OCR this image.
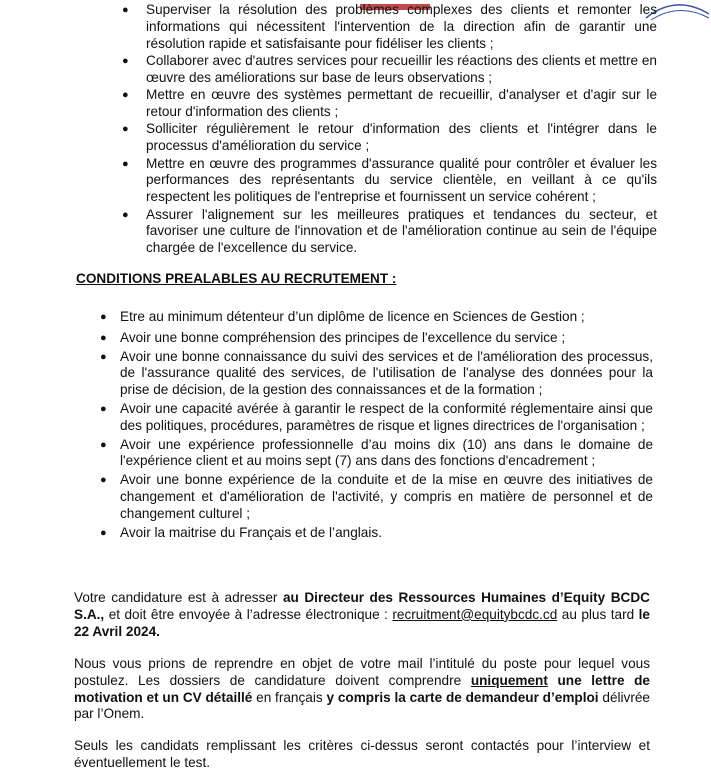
● Superviser la résolution des problèmes complexes des clients et remonter les informations qui nécessitent l'intervention de la direction afin de garantir une résolution rapide et satisfaisante pour fidéliser les clients ;
● Collaborer avec d'autres services pour recueillir les réactions des clients et mettre en œuvre des améliorations sur base de leurs observations ;
● Mettre en œuvre des systèmes permettant de recueillir, d'analyser et d'agir sur le retour d'information des clients ;
● Solliciter régulièrement le retour d'information des clients et l'intégrer dans le processus d'amélioration du service ;
● Mettre en œuvre des programmes d'assurance qualité pour contrôler et évaluer les performances des représentants du service clientèle, en veillant à ce qu'ils respectent les politiques de l'entreprise et fournissent un service cohérent ;
● Assurer l'alignement sur les meilleures pratiques et tendances du secteur, et favoriser une culture de l'innovation et de l'amélioration continue au sein de l'équipe chargée de l'excellence du service.
CONDITIONS PREALABLES AU RECRUTEMENT :
● Etre au minimum détenteur d’un diplôme de licence en Sciences de Gestion ;
● Avoir une bonne compréhension des principes de l'excellence du service ;
● Avoir une bonne connaissance du suivi des services et de l'amélioration des processus, de l'assurance qualité des services, de l'utilisation de l'analyse des données pour la prise de décision, de la gestion des connaissances et de la formation ;
● Avoir une capacité avérée à garantir le respect de la conformité réglementaire ainsi que des politiques, procédures, paramètres de risque et lignes directrices de l'organisation ;
● Avoir une expérience professionnelle d’au moins dix (10) ans dans le domaine de l'expérience client et au moins sept (7) ans dans des fonctions d'encadrement ;
● Avoir une bonne expérience de la conduite et de la mise en œuvre des initiatives de changement et d'amélioration de l'activité, y compris en matière de personnel et de changement culturel ;
● Avoir la maitrise du Français et de l’anglais.

Votre candidature est à adresser au Directeur des Ressources Humaines d’Equity BCDC S.A., et doit être envoyée à l’adresse électronique : recruitment@equitybcdc.cd au plus tard le 22 Avril 2024.

Nous vous prions de reprendre en objet de votre mail l’intitulé du poste pour lequel vous postulez. Les dossiers de candidature doivent comprendre uniquement une lettre de motivation et un CV détaillé en français y compris la carte de demandeur d’emploi délivrée par l’Onem.

Seuls les candidats remplissant les critères ci-dessus seront contactés pour l’interview et éventuellement le test.
